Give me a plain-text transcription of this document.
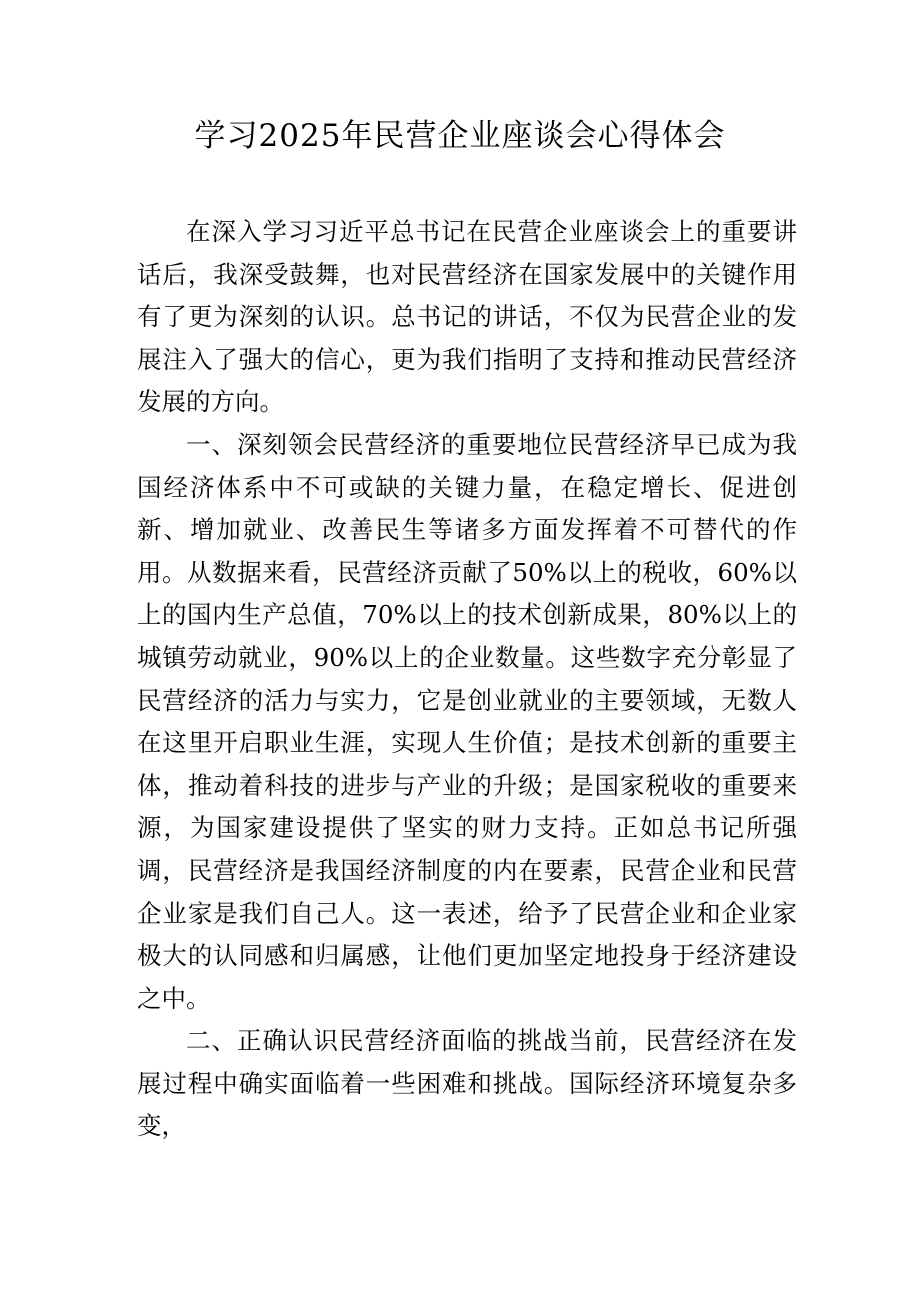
学习2025年民营企业座谈会心得体会

在深入学习习近平总书记在民营企业座谈会上的重要讲话后，我深受鼓舞，也对民营经济在国家发展中的关键作用有了更为深刻的认识。总书记的讲话，不仅为民营企业的发展注入了强大的信心，更为我们指明了支持和推动民营经济发展的方向。

一、深刻领会民营经济的重要地位民营经济早已成为我国经济体系中不可或缺的关键力量，在稳定增长、促进创新、增加就业、改善民生等诸多方面发挥着不可替代的作用。从数据来看，民营经济贡献了50%以上的税收，60%以上的国内生产总值，70%以上的技术创新成果，80%以上的城镇劳动就业，90%以上的企业数量。这些数字充分彰显了民营经济的活力与实力，它是创业就业的主要领域，无数人在这里开启职业生涯，实现人生价值；是技术创新的重要主体，推动着科技的进步与产业的升级；是国家税收的重要来源，为国家建设提供了坚实的财力支持。正如总书记所强调，民营经济是我国经济制度的内在要素，民营企业和民营企业家是我们自己人。这一表述，给予了民营企业和企业家极大的认同感和归属感，让他们更加坚定地投身于经济建设之中。

二、正确认识民营经济面临的挑战当前，民营经济在发展过程中确实面临着一些困难和挑战。国际经济环境复杂多变，
